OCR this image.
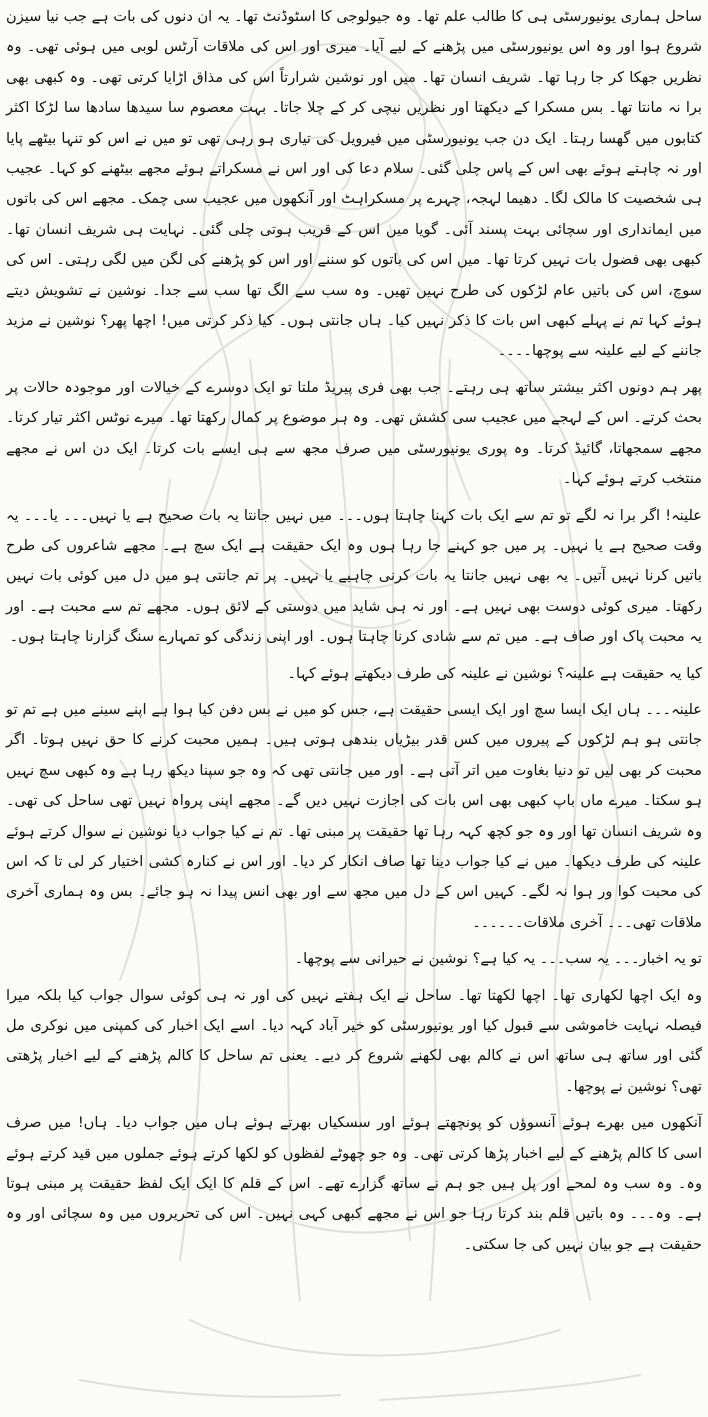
ساحل ہماری یونیورسٹی ہی کا طالب علم تھا۔ وہ جیولوجی کا اسٹوڈنٹ تھا۔ یہ ان دنوں کی بات ہے جب نیا سیزن شروع ہوا اور وہ اس یونیورسٹی میں پڑھنے کے لیے آیا۔ میری اور اس کی ملاقات آرٹس لوبی میں ہوئی تھی۔ وہ نظریں جھکا کر جا رہا تھا۔ شریف انسان تھا۔ میں اور نوشین شرارتاً اس کی مذاق اڑایا کرتی تھی۔ وہ کبھی بھی برا نہ مانتا تھا۔ بس مسکرا کے دیکھتا اور نظریں نیچی کر کے چلا جاتا۔ بہت معصوم سا سیدھا سادھا سا لڑکا اکثر کتابوں میں گھسا رہتا۔ ایک دن جب یونیورسٹی میں فیرویل کی تیاری ہو رہی تھی تو میں نے اس کو تنہا بیٹھے پایا اور نہ چاہتے ہوئے بھی اس کے پاس چلی گئی۔ سلام دعا کی اور اس نے مسکراتے ہوئے مجھے بیٹھنے کو کہا۔ عجیب ہی شخصیت کا مالک لگا۔ دھیما لہجہ، چہرے پر مسکراہٹ اور آنکھوں میں عجیب سی چمک۔ مجھے اس کی باتوں میں ایمانداری اور سچائی بہت پسند آئی۔ گویا میں اس کے قریب ہوتی چلی گئی۔ نہایت ہی شریف انسان تھا۔ کبھی بھی فضول بات نہیں کرتا تھا۔ میں اس کی باتوں کو سننے اور اس کو پڑھنے کی لگن میں لگی رہتی۔ اس کی سوچ، اس کی باتیں عام لڑکوں کی طرح نہیں تھیں۔ وہ سب سے الگ تھا سب سے جدا۔ نوشین نے تشویش دیتے ہوئے کہا تم نے پہلے کبھی اس بات کا ذکر نہیں کیا۔ ہاں جانتی ہوں۔ کیا ذکر کرتی میں! اچھا پھر؟ نوشین نے مزید جاننے کے لیے علینہ سے پوچھا۔۔۔۔

پھر ہم دونوں اکثر بیشتر ساتھ ہی رہتے۔ جب بھی فری پیریڈ ملتا تو ایک دوسرے کے خیالات اور موجودہ حالات پر بحث کرتے۔ اس کے لہجے میں عجیب سی کشش تھی۔ وہ ہر موضوع پر کمال رکھتا تھا۔ میرے نوٹس اکثر تیار کرتا۔ مجھے سمجھاتا، گائیڈ کرتا۔ وہ پوری یونیورسٹی میں صرف مجھ سے ہی ایسے بات کرتا۔ ایک دن اس نے مجھے منتخب کرتے ہوئے کہا۔

علینہ! اگر برا نہ لگے تو تم سے ایک بات کہنا چاہتا ہوں۔۔۔ میں نہیں جانتا یہ بات صحیح ہے یا نہیں۔۔۔ یا۔۔۔ یہ وقت صحیح ہے یا نہیں۔ پر میں جو کہنے جا رہا ہوں وہ ایک حقیقت ہے ایک سچ ہے۔ مجھے شاعروں کی طرح باتیں کرنا نہیں آتیں۔ یہ بھی نہیں جانتا یہ بات کرنی چاہیے یا نہیں۔ پر تم جانتی ہو میں دل میں کوئی بات نہیں رکھتا۔ میری کوئی دوست بھی نہیں ہے۔ اور نہ ہی شاید میں دوستی کے لائق ہوں۔ مجھے تم سے محبت ہے۔ اور یہ محبت پاک اور صاف ہے۔ میں تم سے شادی کرنا چاہتا ہوں۔ اور اپنی زندگی کو تمہارے سنگ گزارنا چاہتا ہوں۔

کیا یہ حقیقت ہے علینہ؟ نوشین نے علینہ کی طرف دیکھتے ہوئے کہا۔

علینہ۔۔۔ ہاں ایک ایسا سچ اور ایک ایسی حقیقت ہے، جس کو میں نے بس دفن کیا ہوا ہے اپنے سینے میں ہے تم تو جانتی ہو ہم لڑکوں کے پیروں میں کس قدر بیڑیاں بندھی ہوتی ہیں۔ ہمیں محبت کرنے کا حق نہیں ہوتا۔ اگر محبت کر بھی لیں تو دنیا بغاوت میں اتر آتی ہے۔ اور میں جانتی تھی کہ وہ جو سپنا دیکھ رہا ہے وہ کبھی سچ نہیں ہو سکتا۔ میرے ماں باپ کبھی بھی اس بات کی اجازت نہیں دیں گے۔ مجھے اپنی پرواہ نہیں تھی ساحل کی تھی۔ وہ شریف انسان تھا اور وہ جو کچھ کہہ رہا تھا حقیقت پر مبنی تھا۔ تم نے کیا جواب دیا نوشین نے سوال کرتے ہوئے علینہ کی طرف دیکھا۔ میں نے کیا جواب دینا تھا صاف انکار کر دیا۔ اور اس نے کنارہ کشی اختیار کر لی تا کہ اس کی محبت کوا ور ہوا نہ لگے۔ کہیں اس کے دل میں مجھ سے اور بھی انس پیدا نہ ہو جائے۔ بس وہ ہماری آخری ملاقات تھی۔۔۔ آخری ملاقات۔۔۔۔۔۔

تو یہ اخبار۔۔۔ یہ سب۔۔۔ یہ کیا ہے؟ نوشین نے حیرانی سے پوچھا۔

وہ ایک اچھا لکھاری تھا۔ اچھا لکھتا تھا۔ ساحل نے ایک ہفتے نہیں کی اور نہ ہی کوئی سوال جواب کیا بلکہ میرا فیصلہ نہایت خاموشی سے قبول کیا اور یونیورسٹی کو خیر آباد کہہ دیا۔ اسے ایک اخبار کی کمپنی میں نوکری مل گئی اور ساتھ ہی ساتھ اس نے کالم بھی لکھنے شروع کر دیے۔ یعنی تم ساحل کا کالم پڑھنے کے لیے اخبار پڑھتی تھی؟ نوشین نے پوچھا۔

آنکھوں میں بھرے ہوئے آنسوؤں کو پونچھتے ہوئے اور سسکیاں بھرتے ہوئے ہاں میں جواب دیا۔ ہاں! میں صرف اسی کا کالم پڑھنے کے لیے اخبار پڑھا کرتی تھی۔ وہ جو چھوٹے لفظوں کو لکھا کرتے ہوئے جملوں میں قید کرتے ہوئے وہ۔ وہ سب وہ لمحے اور پل ہیں جو ہم نے ساتھ گزارے تھے۔ اس کے قلم کا ایک ایک لفظ حقیقت پر مبنی ہوتا ہے۔ وہ۔۔۔ وہ باتیں قلم بند کرتا رہا جو اس نے مجھے کبھی کہی نہیں۔ اس کی تحریروں میں وہ سچائی اور وہ حقیقت ہے جو بیان نہیں کی جا سکتی۔
